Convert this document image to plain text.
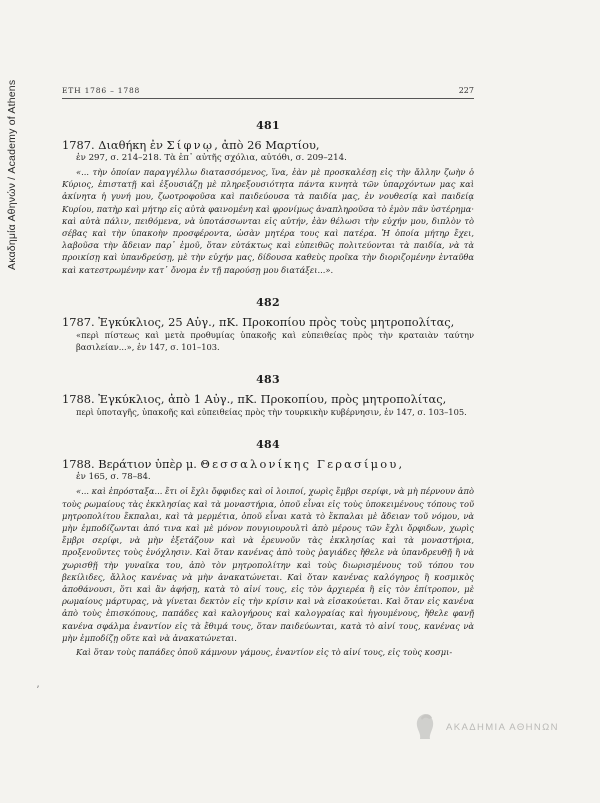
Ακαδημία Αθηνών / Academy of Athens	ΕΤΗ 1786 – 1788	227
481
1787. Διαθήκη ἐν Σίφνῳ, ἀπὸ 26 Μαρτίου,
ἐν 297, σ. 214–218. Τὰ ἐπ᾽ αὐτῆς σχόλια, αὐτόθι, σ. 209–214.

«... τὴν ὁποίαν παραγγέλλω διατασσόμενος, ἵνα, ἐὰν μὲ προσκαλέσῃ εἰς τὴν ἄλλην ζωὴν ὁ Κύριος, ἐπιστατῇ καὶ ἐξουσιάζῃ μὲ πληρεξουσιότητα πάντα κινητὰ τῶν ὑπαρχόντων μας καὶ ἀκίνητα ἡ γυνή μου, ζωοτροφοῦσα καὶ παιδεύουσα τὰ παιδία μας, ἐν νουθεσίᾳ καὶ παιδείᾳ Κυρίου, πατὴρ καὶ μήτηρ εἰς αὐτὰ φαινομένη καὶ φρονίμως ἀναπληροῦσα τὸ ἐμὸν πᾶν ὑστέρημα· καὶ αὐτὰ πάλιν, πειθόμενα, νὰ ὑποτάσσωνται εἰς αὐτήν, ἐὰν θέλωσι τὴν εὐχήν μου, διπλὸν τὸ σέβας καὶ τὴν ὑπακοὴν προσφέροντα, ὡσὰν μητέρα τους καὶ πατέρα. Ἡ ὁποία μήτηρ ἔχει, λαβοῦσα τὴν ἄδειαν παρ᾽ ἐμοῦ, ὅταν εὐτάκτως καὶ εὐπειθῶς πολιτεύονται τὰ παιδία, νὰ τὰ προικίσῃ καὶ ὑπανδρεύσῃ, μὲ τὴν εὐχήν μας, δίδουσα καθεὺς προῖκα τὴν διοριζομένην ἐνταῦθα καὶ κατεστρωμένην κατ᾽ ὄνομα ἐν τῇ παρούσῃ μου διατάξει...».

482
1787. Ἐγκύκλιος, 25 Αὐγ., πΚ. Προκοπίου πρὸς τοὺς μητροπολίτας,
«περὶ πίστεως καὶ μετὰ προθυμίας ὑπακοῆς καὶ εὐπειθείας πρὸς τὴν κραταιὰν ταύτην βασιλείαν...», ἐν 147, σ. 101–103.
483
1788. Ἐγκύκλιος, ἀπὸ 1 Αὐγ., πΚ. Προκοπίου, πρὸς μητροπολίτας,
περὶ ὑποταγῆς, ὑπακοῆς καὶ εὐπειθείας πρὸς τὴν τουρκικὴν κυβέρνησιν, ἐν 147, σ. 103–105.
484
1788. Βεράτιον ὑπὲρ μ. Θεσσαλονίκης Γερασίμου,
ἐν 165, σ. 78–84.

«... καὶ ἐπρόσταξα... ἔτι οἱ ἔχλι ὄφφιδες καὶ οἱ λοιποί, χωρὶς ἔμβρι σερίφι, νὰ μὴ πέρνουν ἀπὸ τοὺς ρωμαίους τὰς ἐκκλησίας καὶ τὰ μοναστήρια, ὁποῦ εἶναι εἰς τοὺς ὑποκειμένους τόπους τοῦ μητροπολίτου ἔκπαλαι, καὶ τὰ μερμέτια, ὁποῦ εἶναι κατὰ τὸ ἔκπαλαι μὲ ἄδειαν τοῦ νόμου, νὰ μὴν ἐμποδίζωνται ἀπό τινα καὶ μὲ μόνον πουγιουρουλτὶ ἀπὸ μέρους τῶν ἔχλι ὄρφιδων, χωρὶς ἔμβρι σερίφι, νὰ μὴν ἐξετάζουν καὶ νὰ ἐρευνοῦν τὰς ἐκκλησίας καὶ τὰ μοναστήρια, προξενοῦντες τοὺς ἐνόχλησιν. Καὶ ὅταν κανένας ἀπὸ τοὺς ῥαγιάδες ἤθελε νὰ ὑπανδρευθῇ ἢ νὰ χωρισθῇ τὴν γυναῖκα του, ἀπὸ τὸν μητροπολίτην καὶ τοὺς διωρισμένους τοῦ τόπου του βεκίλιδες, ἄλλος κανένας νὰ μὴν ἀνακατώνεται. Καὶ ὅταν κανένας καλόγηρος ἢ κοσμικὸς ἀποθάνουσι, ὅτι καὶ ἂν ἀφήσῃ, κατὰ τὸ αἰνί τους, εἰς τὸν ἀρχιερέα ἢ εἰς τὸν ἐπίτροπον, μὲ ρωμαίους μάρτυρας, νὰ γίνεται δεκτὸν εἰς τὴν κρίσιν καὶ νὰ εἰσακούεται. Καὶ ὅταν εἰς κανένα ἀπὸ τοὺς ἐπισκόπους, παπάδες καὶ καλογήρους καὶ καλογραίας καὶ ἡγουμένους, ἤθελε φανῇ κανένα σφάλμα ἐναντίον εἰς τὰ ἔθιμά τους, ὅταν παιδεύωνται, κατὰ τὸ αἰνί τους, κανένας νὰ μὴν ἐμποδίζῃ οὔτε καὶ νὰ ἀνακατώνεται.

Καὶ ὅταν τοὺς παπάδες ὁποῦ κάμνουν γάμους, ἐναντίον εἰς τὸ αἰνί τους, εἰς τοὺς κοσμι-

ʼ
ΑΚΑΔΗΜΙΑ ΑΘΗΝΩΝ
